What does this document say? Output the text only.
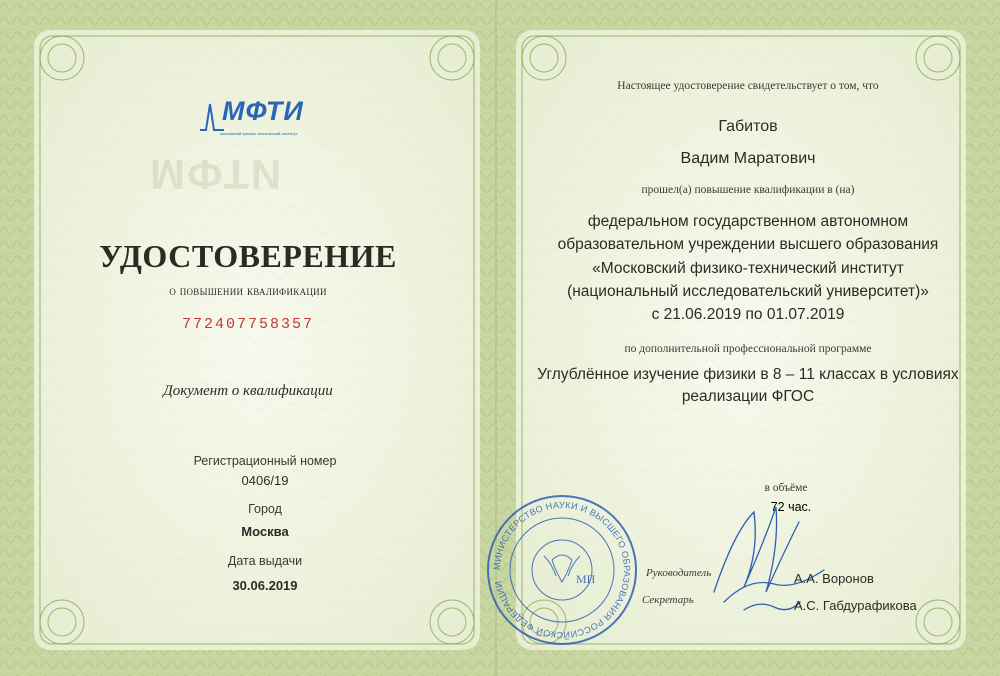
МФТИ
московский физико-технический институт
МФТИ
УДОСТОВЕРЕНИЕ
о повышении квалификации
772407758357
Документ о квалификации
Регистрационный номер
0406/19
Город
Москва
Дата выдачи
30.06.2019
Настоящее удостоверение свидетельствует о том, что
Габитов
Вадим Маратович
прошел(а) повышение квалификации в (на)
федеральном государственном автономном
образовательном учреждении высшего образования
«Московский физико-технический институт
(национальный исследовательский университет)»
с 21.06.2019 по 01.07.2019
по дополнительной профессиональной программе
Углублённое изучение физики в 8 – 11 классах в условиях
реализации ФГОС
в объёме
72 час.
МИНИСТЕРСТВО НАУКИ И ВЫСШЕГО ОБРАЗОВАНИЯ РОССИЙСКОЙ ФЕДЕРАЦИИ	МП	Руководитель	А.А. Воронов
Секретарь	А.С. Габдурафикова
